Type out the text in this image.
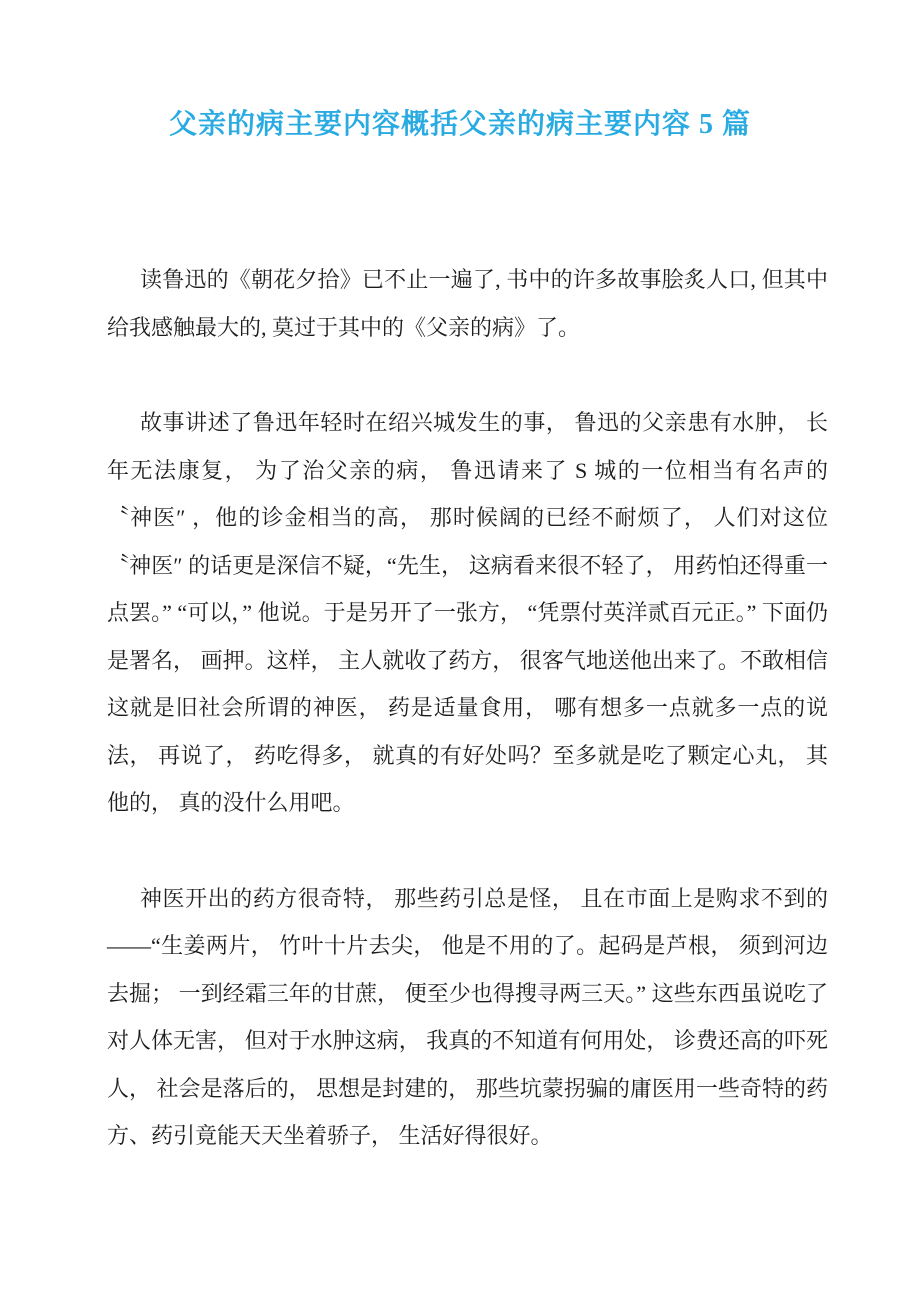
父亲的病主要内容概括父亲的病主要内容 5 篇

读鲁迅的《朝花夕拾》已不止一遍了, 书中的许多故事脍炙人口, 但其中给我感触最大的, 莫过于其中的《父亲的病》了。

故事讲述了鲁迅年轻时在绍兴城发生的事， 鲁迅的父亲患有水肿， 长年无法康复， 为了治父亲的病， 鲁迅请来了 S 城的一位相当有名声的 〝神医″ ，他的诊金相当的高， 那时候阔的已经不耐烦了， 人们对这位 〝神医″ 的话更是深信不疑，“先生， 这病看来很不轻了， 用药怕还得重一点罢。” “可以，” 他说。于是另开了一张方， “凭票付英洋贰百元正。” 下面仍是署名， 画押。这样， 主人就收了药方， 很客气地送他出来了。不敢相信这就是旧社会所谓的神医， 药是适量食用， 哪有想多一点就多一点的说法， 再说了， 药吃得多， 就真的有好处吗？至多就是吃了颗定心丸， 其他的， 真的没什么用吧。

神医开出的药方很奇特， 那些药引总是怪， 且在市面上是购求不到的——“生姜两片， 竹叶十片去尖， 他是不用的了。起码是芦根， 须到河边去掘； 一到经霜三年的甘蔗， 便至少也得搜寻两三天。” 这些东西虽说吃了对人体无害， 但对于水肿这病， 我真的不知道有何用处， 诊费还高的吓死人， 社会是落后的， 思想是封建的， 那些坑蒙拐骗的庸医用一些奇特的药方、药引竟能天天坐着骄子， 生活好得很好。
